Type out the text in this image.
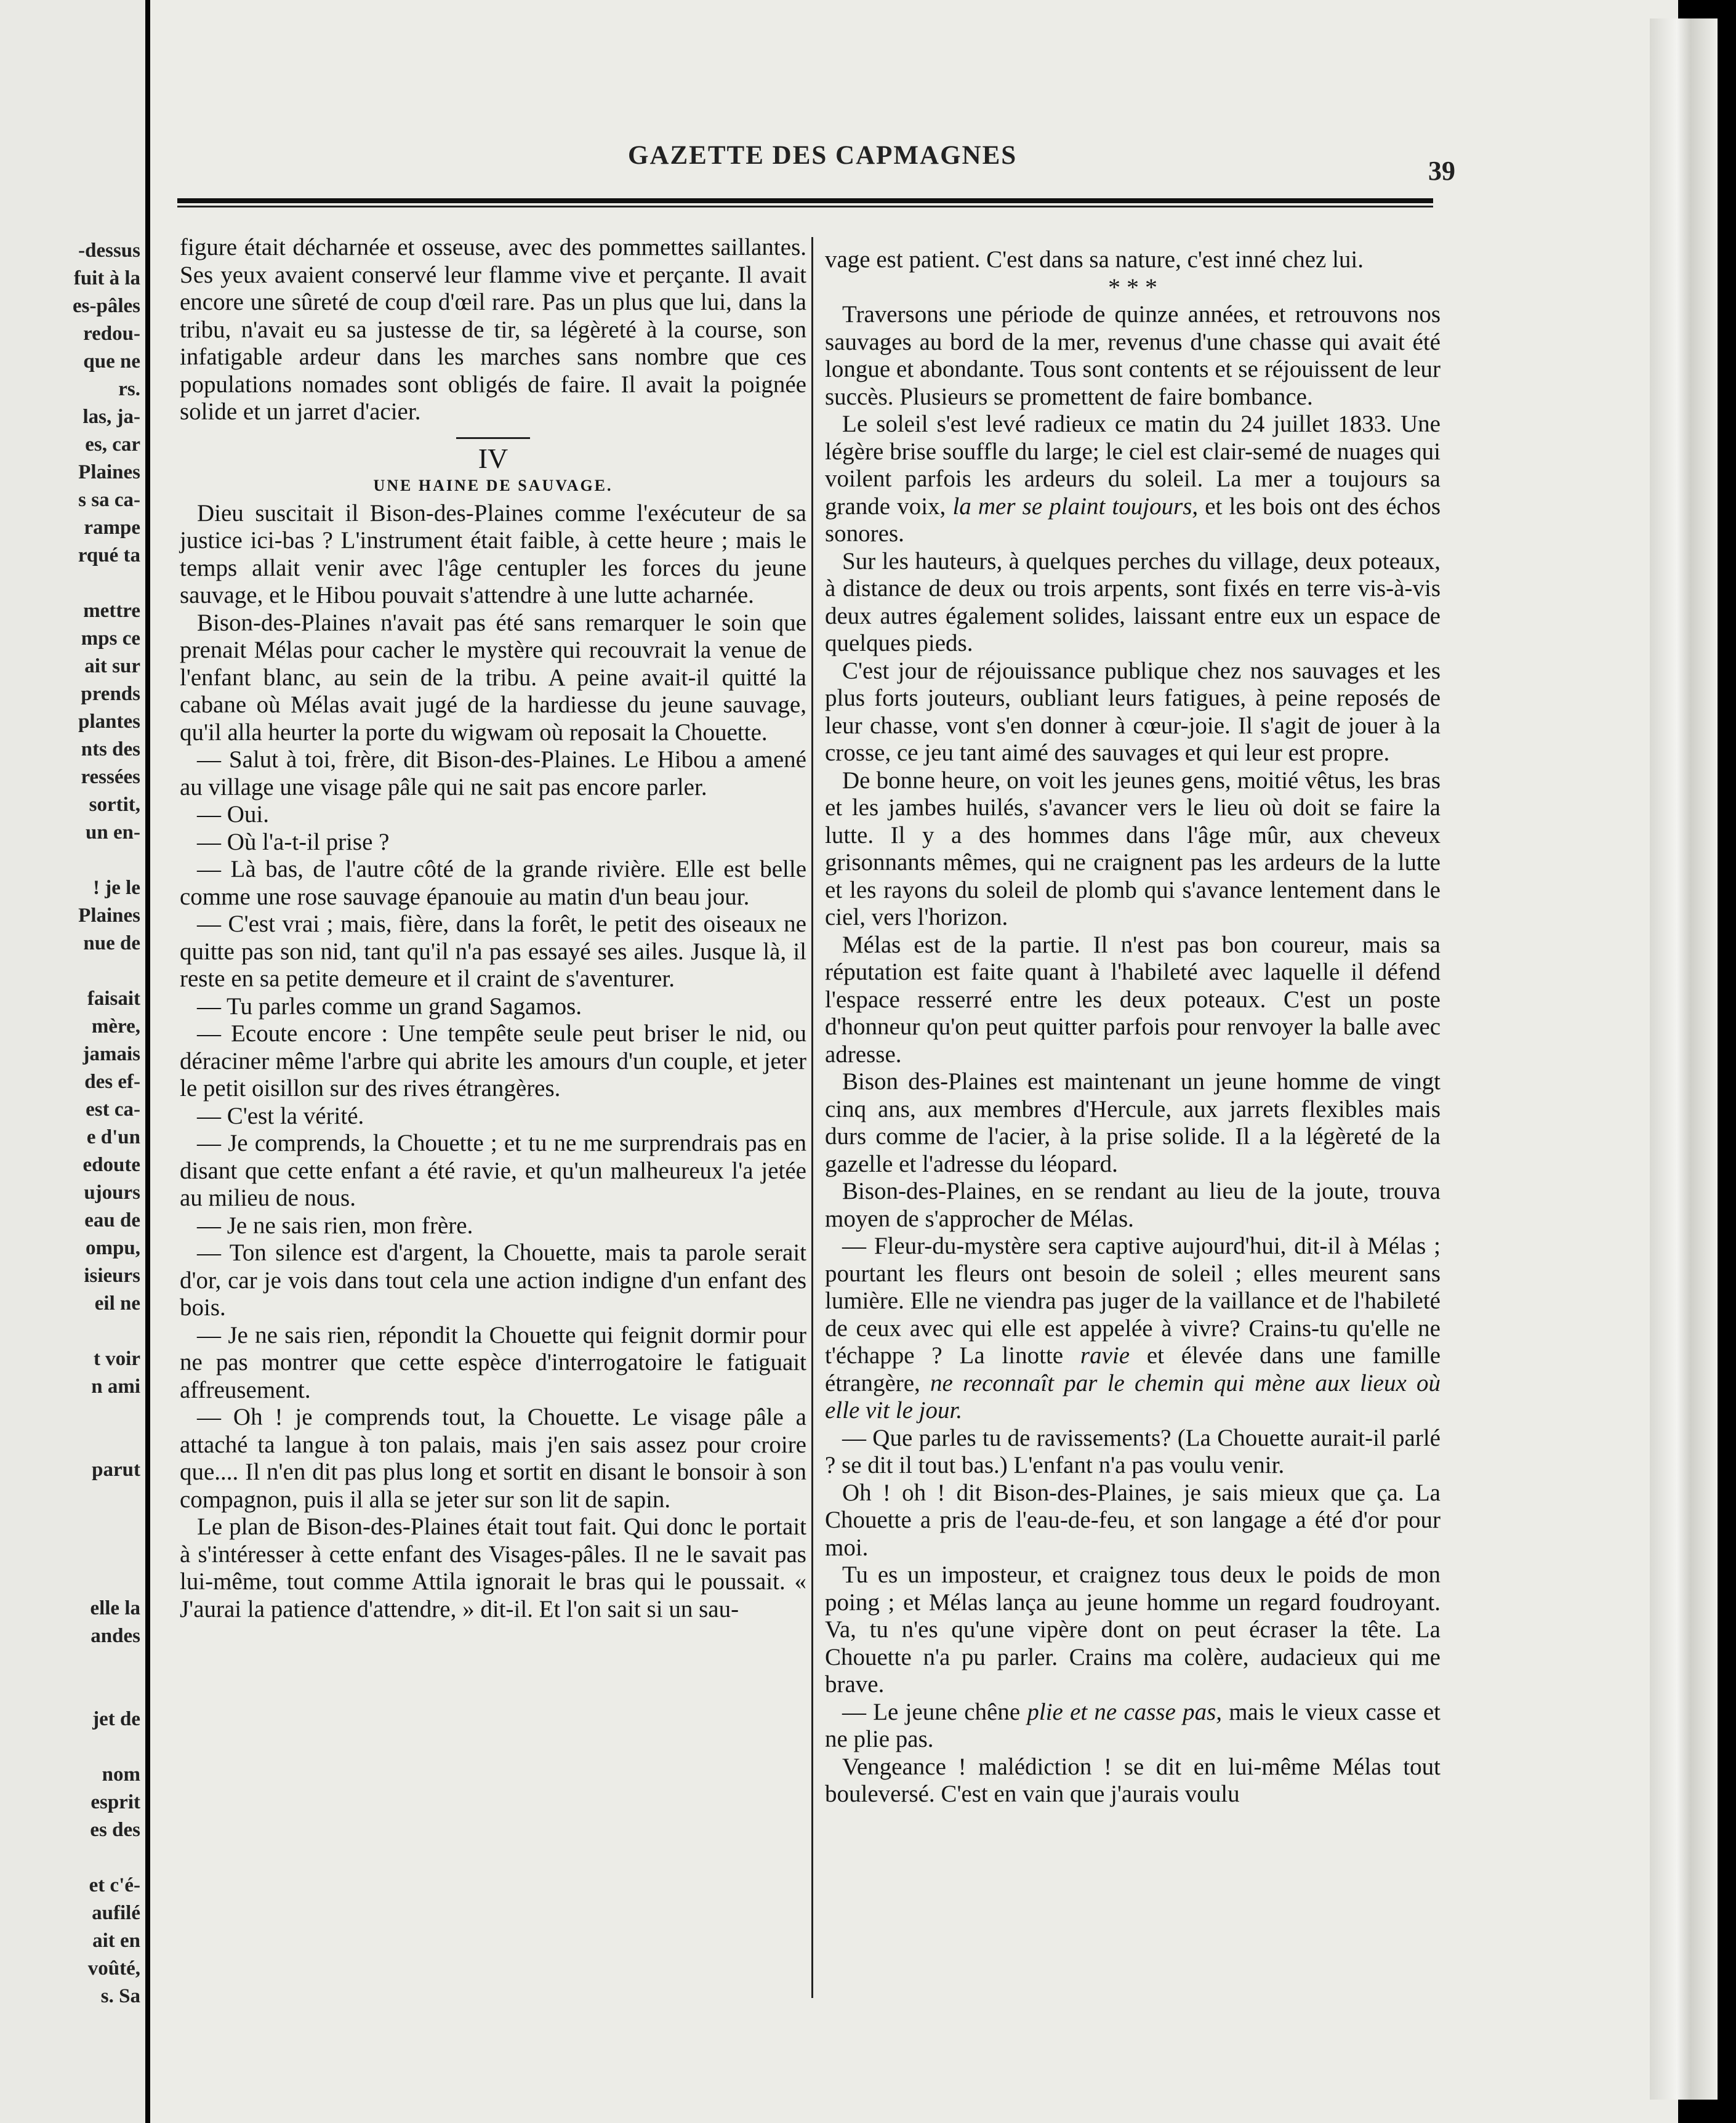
-dessus
fuit à la
es-pâles
redou-
que ne
rs.
las, ja-
es, car
Plaines
s sa ca-
rampe
rqué ta
mettre
mps ce
ait sur
prends
plantes
nts des
ressées
sortit,
un en-
! je le
Plaines
nue de
faisait
mère,
jamais
des ef-
est ca-
e d'un
edoute
ujours
eau de
ompu,
isieurs
eil ne
t voir
n ami
parut
elle la
andes
jet de
nom
esprit
es des
et c'é-
aufilé
ait en
voûté,
s. Sa
GAZETTE DES CAPMAGNES
39

figure était décharnée et osseuse, avec des pommettes saillantes. Ses yeux avaient conservé leur flamme vive et perçante. Il avait encore une sûreté de coup d'œil rare. Pas un plus que lui, dans la tribu, n'avait eu sa justesse de tir, sa légèreté à la course, son infatigable ardeur dans les marches sans nombre que ces populations nomades sont obligés de faire. Il avait la poignée solide et un jarret d'acier.

IV

UNE HAINE DE SAUVAGE.

Dieu suscitait il Bison-des-Plaines comme l'exécuteur de sa justice ici-bas ? L'instrument était faible, à cette heure ; mais le temps allait venir avec l'âge centupler les forces du jeune sauvage, et le Hibou pouvait s'attendre à une lutte acharnée.

Bison-des-Plaines n'avait pas été sans remarquer le soin que prenait Mélas pour cacher le mystère qui recouvrait la venue de l'enfant blanc, au sein de la tribu. A peine avait-il quitté la cabane où Mélas avait jugé de la hardiesse du jeune sauvage, qu'il alla heurter la porte du wigwam où reposait la Chouette.

— Salut à toi, frère, dit Bison-des-Plaines. Le Hibou a amené au village une visage pâle qui ne sait pas encore parler.

— Oui.

— Où l'a-t-il prise ?

— Là bas, de l'autre côté de la grande rivière. Elle est belle comme une rose sauvage épanouie au matin d'un beau jour.

— C'est vrai ; mais, fière, dans la forêt, le petit des oiseaux ne quitte pas son nid, tant qu'il n'a pas essayé ses ailes. Jusque là, il reste en sa petite demeure et il craint de s'aventurer.

— Tu parles comme un grand Sagamos.

— Ecoute encore : Une tempête seule peut briser le nid, ou déraciner même l'arbre qui abrite les amours d'un couple, et jeter le petit oisillon sur des rives étrangères.

— C'est la vérité.

— Je comprends, la Chouette ; et tu ne me surprendrais pas en disant que cette enfant a été ravie, et qu'un malheureux l'a jetée au milieu de nous.

— Je ne sais rien, mon frère.

— Ton silence est d'argent, la Chouette, mais ta parole serait d'or, car je vois dans tout cela une action indigne d'un enfant des bois.

— Je ne sais rien, répondit la Chouette qui feignit dormir pour ne pas montrer que cette espèce d'interrogatoire le fatiguait affreusement.

— Oh ! je comprends tout, la Chouette. Le visage pâle a attaché ta langue à ton palais, mais j'en sais assez pour croire que.... Il n'en dit pas plus long et sortit en disant le bonsoir à son compagnon, puis il alla se jeter sur son lit de sapin.

Le plan de Bison-des-Plaines était tout fait. Qui donc le portait à s'intéresser à cette enfant des Visages-pâles. Il ne le savait pas lui-même, tout comme Attila ignorait le bras qui le poussait. « J'aurai la patience d'attendre, » dit-il. Et l'on sait si un sau-

vage est patient. C'est dans sa nature, c'est inné chez lui.

* * *

Traversons une période de quinze années, et retrouvons nos sauvages au bord de la mer, revenus d'une chasse qui avait été longue et abondante. Tous sont contents et se réjouissent de leur succès. Plusieurs se promettent de faire bombance.

Le soleil s'est levé radieux ce matin du 24 juillet 1833. Une légère brise souffle du large; le ciel est clair-semé de nuages qui voilent parfois les ardeurs du soleil. La mer a toujours sa grande voix, la mer se plaint toujours, et les bois ont des échos sonores.

Sur les hauteurs, à quelques perches du village, deux poteaux, à distance de deux ou trois arpents, sont fixés en terre vis-à-vis deux autres également solides, laissant entre eux un espace de quelques pieds.

C'est jour de réjouissance publique chez nos sauvages et les plus forts jouteurs, oubliant leurs fatigues, à peine reposés de leur chasse, vont s'en donner à cœur-joie. Il s'agit de jouer à la crosse, ce jeu tant aimé des sauvages et qui leur est propre.

De bonne heure, on voit les jeunes gens, moitié vêtus, les bras et les jambes huilés, s'avancer vers le lieu où doit se faire la lutte. Il y a des hommes dans l'âge mûr, aux cheveux grisonnants mêmes, qui ne craignent pas les ardeurs de la lutte et les rayons du soleil de plomb qui s'avance lentement dans le ciel, vers l'horizon.

Mélas est de la partie. Il n'est pas bon coureur, mais sa réputation est faite quant à l'habileté avec laquelle il défend l'espace resserré entre les deux poteaux. C'est un poste d'honneur qu'on peut quitter parfois pour renvoyer la balle avec adresse.

Bison des-Plaines est maintenant un jeune homme de vingt cinq ans, aux membres d'Hercule, aux jarrets flexibles mais durs comme de l'acier, à la prise solide. Il a la légèreté de la gazelle et l'adresse du léopard.

Bison-des-Plaines, en se rendant au lieu de la joute, trouva moyen de s'approcher de Mélas.

— Fleur-du-mystère sera captive aujourd'hui, dit-il à Mélas ; pourtant les fleurs ont besoin de soleil ; elles meurent sans lumière. Elle ne viendra pas juger de la vaillance et de l'habileté de ceux avec qui elle est appelée à vivre? Crains-tu qu'elle ne t'échappe ? La linotte ravie et élevée dans une famille étrangère, ne reconnaît par le chemin qui mène aux lieux où elle vit le jour.

— Que parles tu de ravissements? (La Chouette aurait-il parlé ? se dit il tout bas.) L'enfant n'a pas voulu venir.

Oh ! oh ! dit Bison-des-Plaines, je sais mieux que ça. La Chouette a pris de l'eau-de-feu, et son langage a été d'or pour moi.

Tu es un imposteur, et craignez tous deux le poids de mon poing ; et Mélas lança au jeune homme un regard foudroyant. Va, tu n'es qu'une vipère dont on peut écraser la tête. La Chouette n'a pu parler. Crains ma colère, audacieux qui me brave.

— Le jeune chêne plie et ne casse pas, mais le vieux casse et ne plie pas.

Vengeance ! malédiction ! se dit en lui-même Mélas tout bouleversé. C'est en vain que j'aurais voulu
